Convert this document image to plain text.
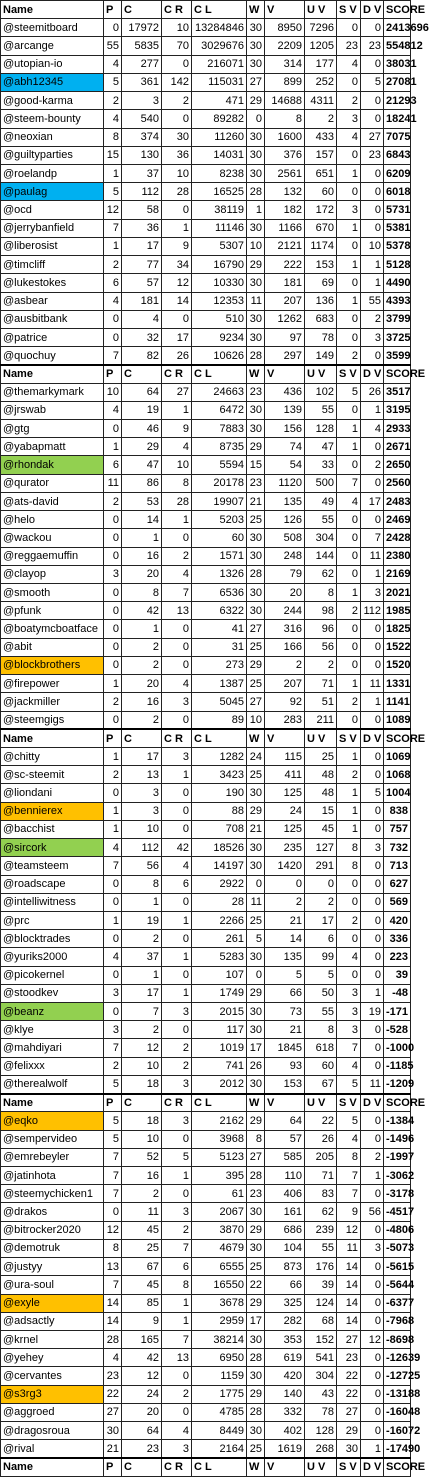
Name	P	C	C R	C L	W	V	U V	S V	D V	SCORE
@steemitboard	0	17972	10	13284846	30	8950	7296	0	0	2413696
@arcange	55	5835	70	3029676	30	2209	1205	23	23	554812
@utopian-io	4	277	0	216071	30	314	177	4	0	38031
@abh12345	5	361	142	115031	27	899	252	0	5	27081
@good-karma	2	3	2	471	29	14688	4311	2	0	21293
@steem-bounty	4	540	0	89282	0	8	2	3	0	18241
@neoxian	8	374	30	11260	30	1600	433	4	27	7075
@guiltyparties	15	130	36	14031	30	376	157	0	23	6843
@roelandp	1	37	10	8238	30	2561	651	1	0	6209
@paulag	5	112	28	16525	28	132	60	0	0	6018
@ocd	12	58	0	38119	1	182	172	3	0	5731
@jerrybanfield	7	36	1	11146	30	1166	670	1	0	5381
@liberosist	1	17	9	5307	10	2121	1174	0	10	5378
@timcliff	2	77	34	16790	29	222	153	1	1	5128
@lukestokes	6	57	12	10330	30	181	69	0	1	4490
@asbear	4	181	14	12353	11	207	136	1	55	4393
@ausbitbank	0	4	0	510	30	1262	683	0	2	3799
@patrice	0	32	17	9234	30	97	78	0	3	3725
@quochuy	7	82	26	10626	28	297	149	2	0	3599
Name	P	C	C R	C L	W	V	U V	S V	D V	SCORE
@themarkymark	10	64	27	24663	23	436	102	5	26	3517
@jrswab	4	19	1	6472	30	139	55	0	1	3195
@gtg	0	46	9	7883	30	156	128	1	4	2933
@yabapmatt	1	29	4	8735	29	74	47	1	0	2671
@rhondak	6	47	10	5594	15	54	33	0	2	2650
@qurator	11	86	8	20178	23	1120	500	7	0	2560
@ats-david	2	53	28	19907	21	135	49	4	17	2483
@helo	0	14	1	5203	25	126	55	0	0	2469
@wackou	0	1	0	60	30	508	304	0	7	2428
@reggaemuffin	0	16	2	1571	30	248	144	0	11	2380
@clayop	3	20	4	1326	28	79	62	0	1	2169
@smooth	0	8	7	6536	30	20	8	1	3	2021
@pfunk	0	42	13	6322	30	244	98	2	112	1985
@boatymcboatface	0	1	0	41	27	316	96	0	0	1825
@abit	0	2	0	31	25	166	56	0	0	1522
@blockbrothers	0	2	0	273	29	2	2	0	0	1520
@firepower	1	20	4	1387	25	207	71	1	11	1331
@jackmiller	2	16	3	5045	27	92	51	2	1	1141
@steemgigs	0	2	0	89	10	283	211	0	0	1089
Name	P	C	C R	C L	W	V	U V	S V	D V	SCORE
@chitty	1	17	3	1282	24	115	25	1	0	1069
@sc-steemit	2	13	1	3423	25	411	48	2	0	1068
@liondani	0	3	0	190	30	125	48	1	5	1004
@bennierex	1	3	0	88	29	24	15	1	0	838
@bacchist	1	10	0	708	21	125	45	1	0	757
@sircork	4	112	42	18526	30	235	127	8	3	732
@teamsteem	7	56	4	14197	30	1420	291	8	0	713
@roadscape	0	8	6	2922	0	0	0	0	0	627
@intelliwitness	0	1	0	28	11	2	2	0	0	569
@prc	1	19	1	2266	25	21	17	2	0	420
@blocktrades	0	2	0	261	5	14	6	0	0	336
@yuriks2000	4	37	1	5283	30	135	99	4	0	223
@picokernel	0	1	0	107	0	5	5	0	0	39
@stoodkev	3	17	1	1749	29	66	50	3	1	-48
@beanz	0	7	3	2015	30	73	55	3	19	-171
@klye	3	2	0	117	30	21	8	3	0	-528
@mahdiyari	7	12	2	1019	17	1845	618	7	0	-1000
@felixxx	2	10	2	741	26	93	60	4	0	-1185
@therealwolf	5	18	3	2012	30	153	67	5	11	-1209
Name	P	C	C R	C L	W	V	U V	S V	D V	SCORE
@eqko	5	18	3	2162	29	64	22	5	0	-1384
@sempervideo	5	10	0	3968	8	57	26	4	0	-1496
@emrebeyler	7	52	5	5123	27	585	205	8	2	-1997
@jatinhota	7	16	1	395	28	110	71	7	1	-3062
@steemychicken1	7	2	0	61	23	406	83	7	0	-3178
@drakos	0	11	3	2067	30	161	62	9	56	-4517
@bitrocker2020	12	45	2	3870	29	686	239	12	0	-4806
@demotruk	8	25	7	4679	30	104	55	11	3	-5073
@justyy	13	67	6	6555	25	873	176	14	0	-5615
@ura-soul	7	45	8	16550	22	66	39	14	0	-5644
@exyle	14	85	1	3678	29	325	124	14	0	-6377
@adsactly	14	9	1	2959	17	282	68	14	0	-7968
@krnel	28	165	7	38214	30	353	152	27	12	-8698
@yehey	4	42	13	6950	28	619	541	23	0	-12639
@cervantes	23	12	0	1159	30	420	304	22	0	-12725
@s3rg3	22	24	2	1775	29	140	43	22	0	-13188
@aggroed	27	20	0	4785	28	332	78	27	0	-16048
@dragosroua	30	64	4	8449	30	402	128	29	0	-16072
@rival	21	23	3	2164	25	1619	268	30	1	-17490
Name	P	C	C R	C L	W	V	U V	S V	D V	SCORE
